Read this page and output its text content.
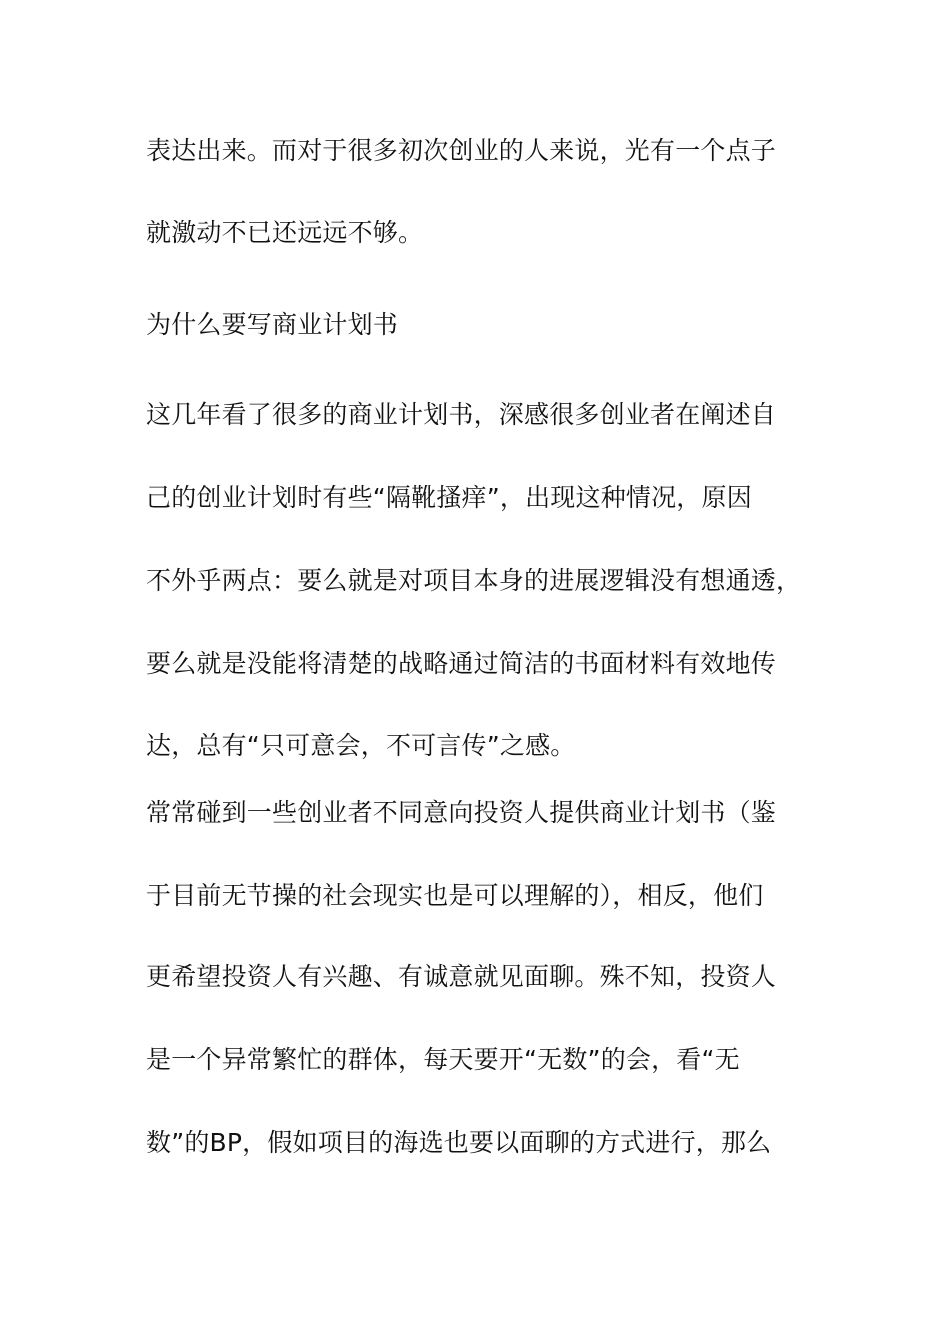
表达出来。而对于很多初次创业的人来说，光有一个点子
就激动不已还远远不够。
为什么要写商业计划书
这几年看了很多的商业计划书，深感很多创业者在阐述自
己的创业计划时有些“隔靴搔痒”，出现这种情况，原因
不外乎两点：要么就是对项目本身的进展逻辑没有想通透，
要么就是没能将清楚的战略通过简洁的书面材料有效地传
达，总有“只可意会，不可言传”之感。
常常碰到一些创业者不同意向投资人提供商业计划书（鉴
于目前无节操的社会现实也是可以理解的），相反，他们
更希望投资人有兴趣、有诚意就见面聊。殊不知，投资人
是一个异常繁忙的群体，每天要开“无数”的会，看“无
数”的BP，假如项目的海选也要以面聊的方式进行，那么
